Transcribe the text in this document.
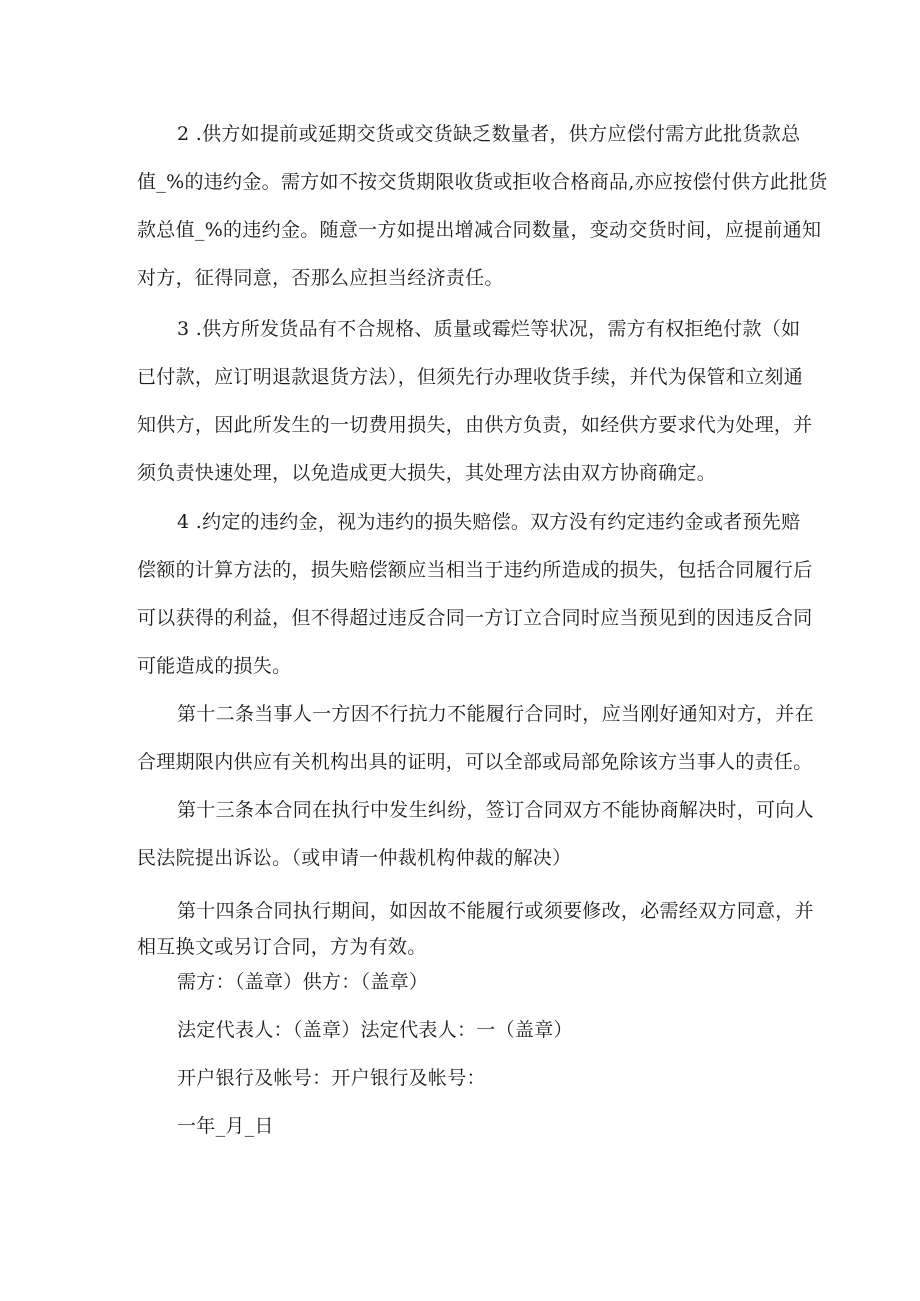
2 .供方如提前或延期交货或交货缺乏数量者，供方应偿付需方此批货款总
值_%的违约金。需方如不按交货期限收货或拒收合格商品,亦应按偿付供方此批货
款总值_%的违约金。随意一方如提出增减合同数量，变动交货时间，应提前通知
对方，征得同意，否那么应担当经济责任。
3 .供方所发货品有不合规格、质量或霉烂等状况，需方有权拒绝付款（如
已付款，应订明退款退货方法），但须先行办理收货手续，并代为保管和立刻通
知供方，因此所发生的一切费用损失，由供方负责，如经供方要求代为处理，并
须负责快速处理，以免造成更大损失，其处理方法由双方协商确定。
4 .约定的违约金，视为违约的损失赔偿。双方没有约定违约金或者预先赔
偿额的计算方法的，损失赔偿额应当相当于违约所造成的损失，包括合同履行后
可以获得的利益，但不得超过违反合同一方订立合同时应当预见到的因违反合同
可能造成的损失。
第十二条当事人一方因不行抗力不能履行合同时，应当刚好通知对方，并在
合理期限内供应有关机构出具的证明，可以全部或局部免除该方当事人的责任。
第十三条本合同在执行中发生纠纷，签订合同双方不能协商解决时，可向人
民法院提出诉讼。（或申请一仲裁机构仲裁的解决）
第十四条合同执行期间，如因故不能履行或须要修改，必需经双方同意，并
相互换文或另订合同，方为有效。

需方：（盖章）供方：（盖章）

法定代表人：（盖章）法定代表人：一（盖章）

开户银行及帐号：开户银行及帐号：

一年_月_日
